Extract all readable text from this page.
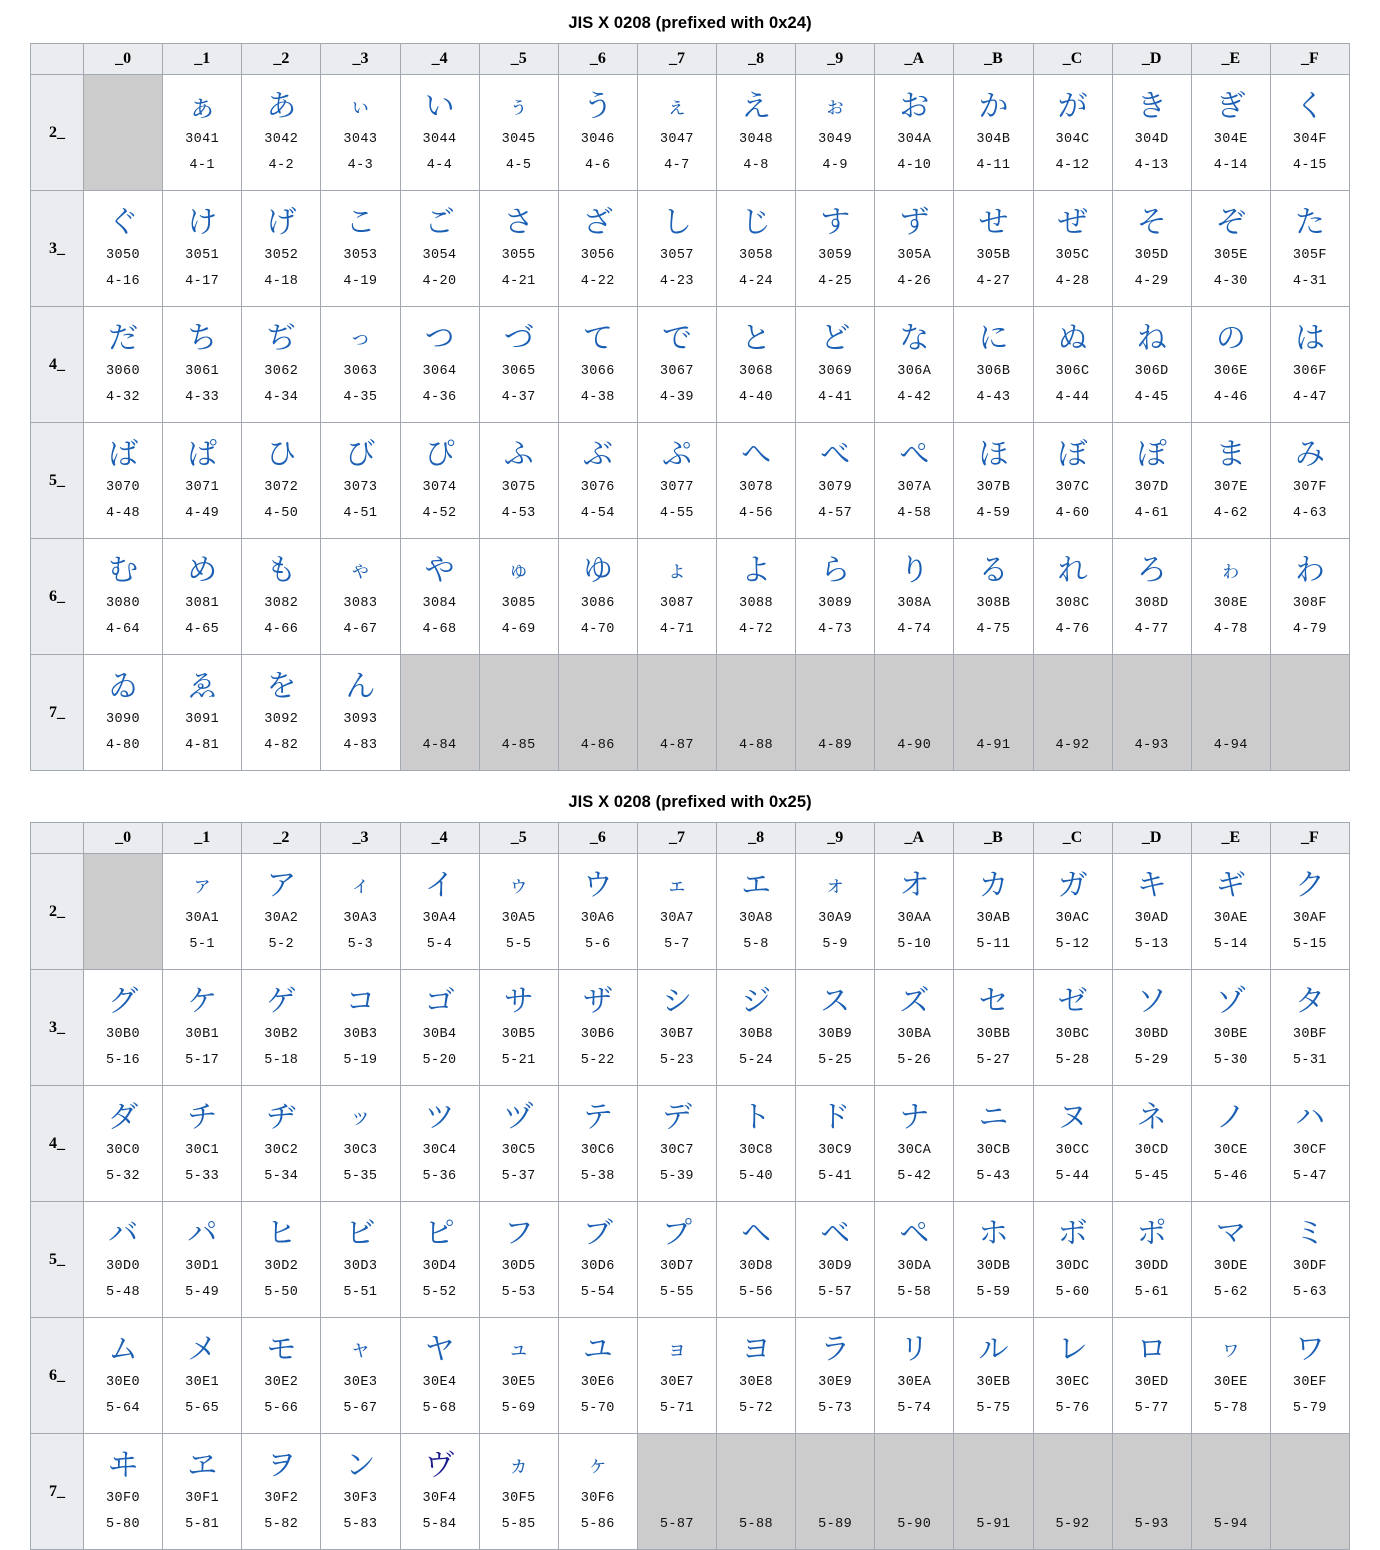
JIS X 0208 (prefixed with 0x24)
	_0	_1	_2	_3	_4	_5	_6	_7	_8	_9	_A	_B	_C	_D	_E	_F
2_		ぁ
3041
4-1	あ
3042
4-2	ぃ
3043
4-3	い
3044
4-4	ぅ
3045
4-5	う
3046
4-6	ぇ
3047
4-7	え
3048
4-8	ぉ
3049
4-9	お
304A
4-10	か
304B
4-11	が
304C
4-12	き
304D
4-13	ぎ
304E
4-14	く
304F
4-15

3_	ぐ
3050
4-16	け
3051
4-17	げ
3052
4-18	こ
3053
4-19	ご
3054
4-20	さ
3055
4-21	ざ
3056
4-22	し
3057
4-23	じ
3058
4-24	す
3059
4-25	ず
305A
4-26	せ
305B
4-27	ぜ
305C
4-28	そ
305D
4-29	ぞ
305E
4-30	た
305F
4-31

4_	だ
3060
4-32	ち
3061
4-33	ぢ
3062
4-34	っ
3063
4-35	つ
3064
4-36	づ
3065
4-37	て
3066
4-38	で
3067
4-39	と
3068
4-40	ど
3069
4-41	な
306A
4-42	に
306B
4-43	ぬ
306C
4-44	ね
306D
4-45	の
306E
4-46	は
306F
4-47

5_	ば
3070
4-48	ぱ
3071
4-49	ひ
3072
4-50	び
3073
4-51	ぴ
3074
4-52	ふ
3075
4-53	ぶ
3076
4-54	ぷ
3077
4-55	へ
3078
4-56	べ
3079
4-57	ぺ
307A
4-58	ほ
307B
4-59	ぼ
307C
4-60	ぽ
307D
4-61	ま
307E
4-62	み
307F
4-63

6_	む
3080
4-64	め
3081
4-65	も
3082
4-66	ゃ
3083
4-67	や
3084
4-68	ゅ
3085
4-69	ゆ
3086
4-70	ょ
3087
4-71	よ
3088
4-72	ら
3089
4-73	り
308A
4-74	る
308B
4-75	れ
308C
4-76	ろ
308D
4-77	ゎ
308E
4-78	わ
308F
4-79

7_	ゐ
3090
4-80	ゑ
3091
4-81	を
3092
4-82	ん
3093
4-83	4-84	4-85	4-86	4-87	4-88	4-89	4-90	4-91	4-92	4-93	4-94	

JIS X 0208 (prefixed with 0x25)
	_0	_1	_2	_3	_4	_5	_6	_7	_8	_9	_A	_B	_C	_D	_E	_F
2_		ァ
30A1
5-1	ア
30A2
5-2	ィ
30A3
5-3	イ
30A4
5-4	ゥ
30A5
5-5	ウ
30A6
5-6	ェ
30A7
5-7	エ
30A8
5-8	ォ
30A9
5-9	オ
30AA
5-10	カ
30AB
5-11	ガ
30AC
5-12	キ
30AD
5-13	ギ
30AE
5-14	ク
30AF
5-15

3_	グ
30B0
5-16	ケ
30B1
5-17	ゲ
30B2
5-18	コ
30B3
5-19	ゴ
30B4
5-20	サ
30B5
5-21	ザ
30B6
5-22	シ
30B7
5-23	ジ
30B8
5-24	ス
30B9
5-25	ズ
30BA
5-26	セ
30BB
5-27	ゼ
30BC
5-28	ソ
30BD
5-29	ゾ
30BE
5-30	タ
30BF
5-31

4_	ダ
30C0
5-32	チ
30C1
5-33	ヂ
30C2
5-34	ッ
30C3
5-35	ツ
30C4
5-36	ヅ
30C5
5-37	テ
30C6
5-38	デ
30C7
5-39	ト
30C8
5-40	ド
30C9
5-41	ナ
30CA
5-42	ニ
30CB
5-43	ヌ
30CC
5-44	ネ
30CD
5-45	ノ
30CE
5-46	ハ
30CF
5-47

5_	バ
30D0
5-48	パ
30D1
5-49	ヒ
30D2
5-50	ビ
30D3
5-51	ピ
30D4
5-52	フ
30D5
5-53	ブ
30D6
5-54	プ
30D7
5-55	ヘ
30D8
5-56	ベ
30D9
5-57	ペ
30DA
5-58	ホ
30DB
5-59	ボ
30DC
5-60	ポ
30DD
5-61	マ
30DE
5-62	ミ
30DF
5-63

6_	ム
30E0
5-64	メ
30E1
5-65	モ
30E2
5-66	ャ
30E3
5-67	ヤ
30E4
5-68	ュ
30E5
5-69	ユ
30E6
5-70	ョ
30E7
5-71	ヨ
30E8
5-72	ラ
30E9
5-73	リ
30EA
5-74	ル
30EB
5-75	レ
30EC
5-76	ロ
30ED
5-77	ヮ
30EE
5-78	ワ
30EF
5-79

7_	ヰ
30F0
5-80	ヱ
30F1
5-81	ヲ
30F2
5-82	ン
30F3
5-83	ヴ
30F4
5-84	ヵ
30F5
5-85	ヶ
30F6
5-86	5-87	5-88	5-89	5-90	5-91	5-92	5-93	5-94	
